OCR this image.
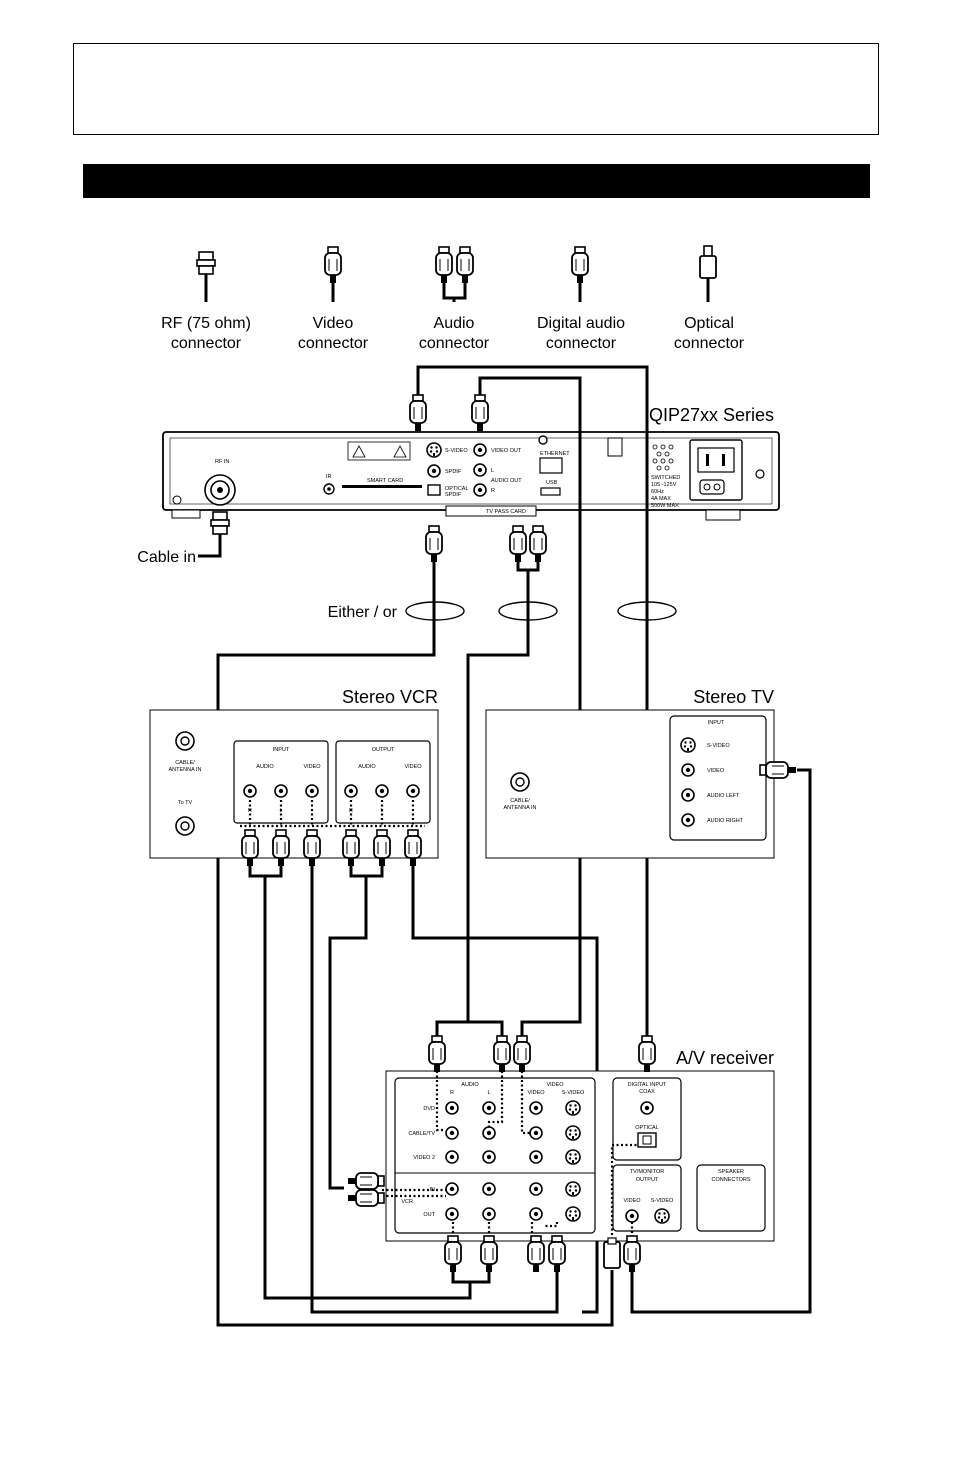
RF (75 ohm)
connector
Video
connector
Audio
connector
Digital audio
connector
Optical
connector
QIP27xx Series
RF IN
IR
SMART CARD
S-VIDEO
SPDIF
OPTICAL
SPDIF
VIDEO OUT
L
AUDIO OUT
R
ETHERNET
USB
TV PASS CARD
SWITCHED
105 -125V
60Hz
4A MAX
500W MAX
Cable in
Either / or
Stereo VCR
CABLE/
ANTENNA IN
To TV
INPUT
AUDIO	VIDEO
R	L
OUTPUT
AUDIO	VIDEO
R	L
Stereo TV
CABLE/
ANTENNA IN
INPUT
S-VIDEO
VIDEO
AUDIO LEFT
AUDIO RIGHT
A/V receiver
AUDIO	VIDEO
R	L	VIDEO	S-VIDEO
DVD
CABLE/TV
VIDEO 2
IN
VCR
OUT
DIGITAL INPUT
COAX
OPTICAL
TV/MONITOR
OUTPUT
VIDEO S-VIDEO
SPEAKER
CONNECTORS
